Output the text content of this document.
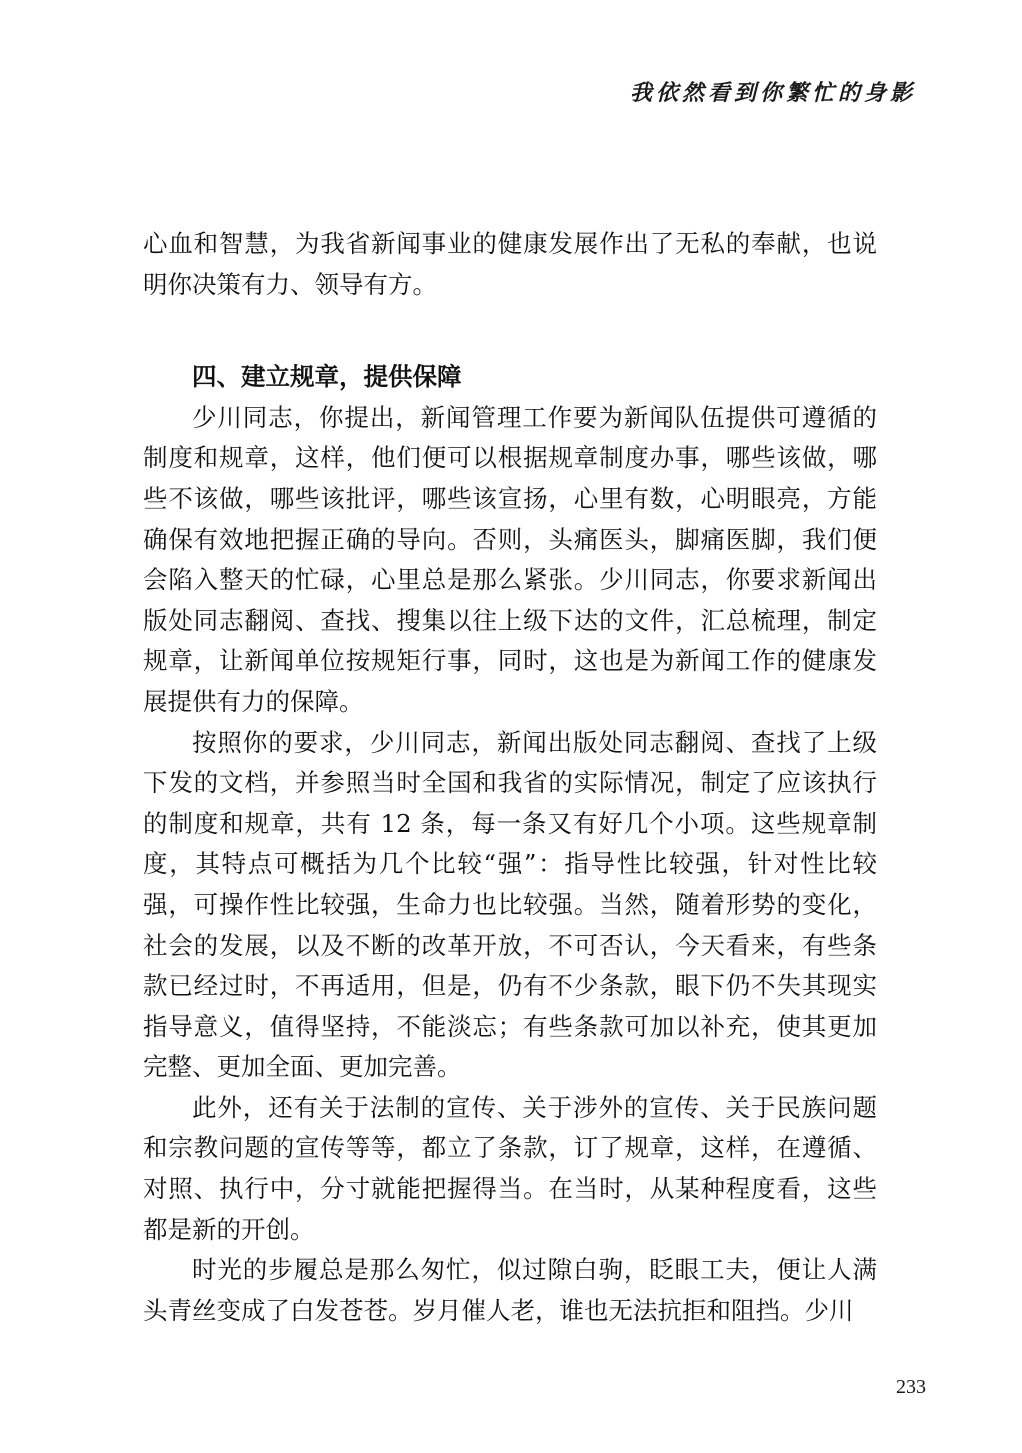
我依然看到你繁忙的身影

心血和智慧，为我省新闻事业的健康发展作出了无私的奉献，也说明你决策有力、领导有方。

四、建立规章，提供保障

少川同志，你提出，新闻管理工作要为新闻队伍提供可遵循的制度和规章，这样，他们便可以根据规章制度办事，哪些该做，哪些不该做，哪些该批评，哪些该宣扬，心里有数，心明眼亮，方能确保有效地把握正确的导向。否则，头痛医头，脚痛医脚，我们便会陷入整天的忙碌，心里总是那么紧张。少川同志，你要求新闻出版处同志翻阅、查找、搜集以往上级下达的文件，汇总梳理，制定规章，让新闻单位按规矩行事，同时，这也是为新闻工作的健康发展提供有力的保障。

按照你的要求，少川同志，新闻出版处同志翻阅、查找了上级下发的文档，并参照当时全国和我省的实际情况，制定了应该执行的制度和规章，共有 12 条，每一条又有好几个小项。这些规章制度，其特点可概括为几个比较“强”：指导性比较强，针对性比较强，可操作性比较强，生命力也比较强。当然，随着形势的变化，社会的发展，以及不断的改革开放，不可否认，今天看来，有些条款已经过时，不再适用，但是，仍有不少条款，眼下仍不失其现实指导意义，值得坚持，不能淡忘；有些条款可加以补充，使其更加完整、更加全面、更加完善。

此外，还有关于法制的宣传、关于涉外的宣传、关于民族问题和宗教问题的宣传等等，都立了条款，订了规章，这样，在遵循、对照、执行中，分寸就能把握得当。在当时，从某种程度看，这些都是新的开创。

时光的步履总是那么匆忙，似过隙白驹，眨眼工夫，便让人满头青丝变成了白发苍苍。岁月催人老，谁也无法抗拒和阻挡。少川

233
